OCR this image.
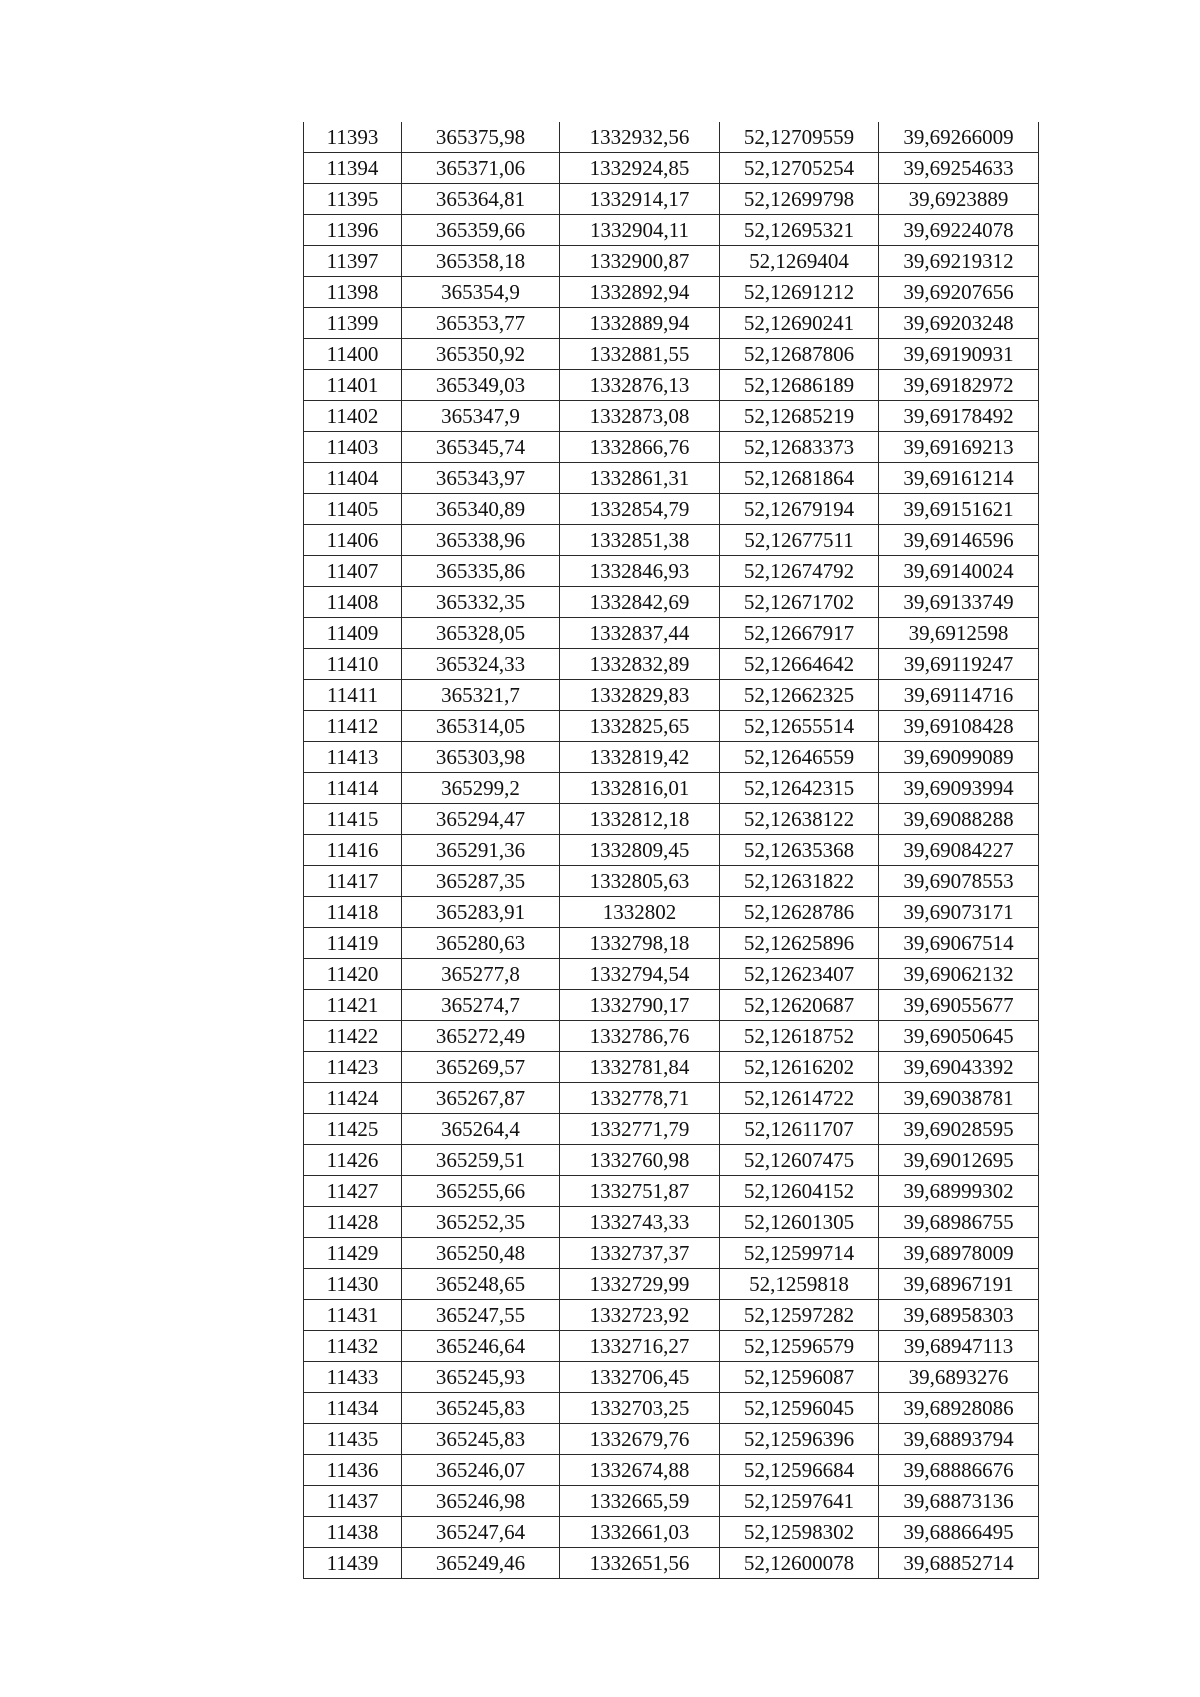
11393	365375,98	1332932,56	52,12709559	39,69266009
11394	365371,06	1332924,85	52,12705254	39,69254633
11395	365364,81	1332914,17	52,12699798	39,6923889
11396	365359,66	1332904,11	52,12695321	39,69224078
11397	365358,18	1332900,87	52,1269404	39,69219312
11398	365354,9	1332892,94	52,12691212	39,69207656
11399	365353,77	1332889,94	52,12690241	39,69203248
11400	365350,92	1332881,55	52,12687806	39,69190931
11401	365349,03	1332876,13	52,12686189	39,69182972
11402	365347,9	1332873,08	52,12685219	39,69178492
11403	365345,74	1332866,76	52,12683373	39,69169213
11404	365343,97	1332861,31	52,12681864	39,69161214
11405	365340,89	1332854,79	52,12679194	39,69151621
11406	365338,96	1332851,38	52,12677511	39,69146596
11407	365335,86	1332846,93	52,12674792	39,69140024
11408	365332,35	1332842,69	52,12671702	39,69133749
11409	365328,05	1332837,44	52,12667917	39,6912598
11410	365324,33	1332832,89	52,12664642	39,69119247
11411	365321,7	1332829,83	52,12662325	39,69114716
11412	365314,05	1332825,65	52,12655514	39,69108428
11413	365303,98	1332819,42	52,12646559	39,69099089
11414	365299,2	1332816,01	52,12642315	39,69093994
11415	365294,47	1332812,18	52,12638122	39,69088288
11416	365291,36	1332809,45	52,12635368	39,69084227
11417	365287,35	1332805,63	52,12631822	39,69078553
11418	365283,91	1332802	52,12628786	39,69073171
11419	365280,63	1332798,18	52,12625896	39,69067514
11420	365277,8	1332794,54	52,12623407	39,69062132
11421	365274,7	1332790,17	52,12620687	39,69055677
11422	365272,49	1332786,76	52,12618752	39,69050645
11423	365269,57	1332781,84	52,12616202	39,69043392
11424	365267,87	1332778,71	52,12614722	39,69038781
11425	365264,4	1332771,79	52,12611707	39,69028595
11426	365259,51	1332760,98	52,12607475	39,69012695
11427	365255,66	1332751,87	52,12604152	39,68999302
11428	365252,35	1332743,33	52,12601305	39,68986755
11429	365250,48	1332737,37	52,12599714	39,68978009
11430	365248,65	1332729,99	52,1259818	39,68967191
11431	365247,55	1332723,92	52,12597282	39,68958303
11432	365246,64	1332716,27	52,12596579	39,68947113
11433	365245,93	1332706,45	52,12596087	39,6893276
11434	365245,83	1332703,25	52,12596045	39,68928086
11435	365245,83	1332679,76	52,12596396	39,68893794
11436	365246,07	1332674,88	52,12596684	39,68886676
11437	365246,98	1332665,59	52,12597641	39,68873136
11438	365247,64	1332661,03	52,12598302	39,68866495
11439	365249,46	1332651,56	52,12600078	39,68852714
